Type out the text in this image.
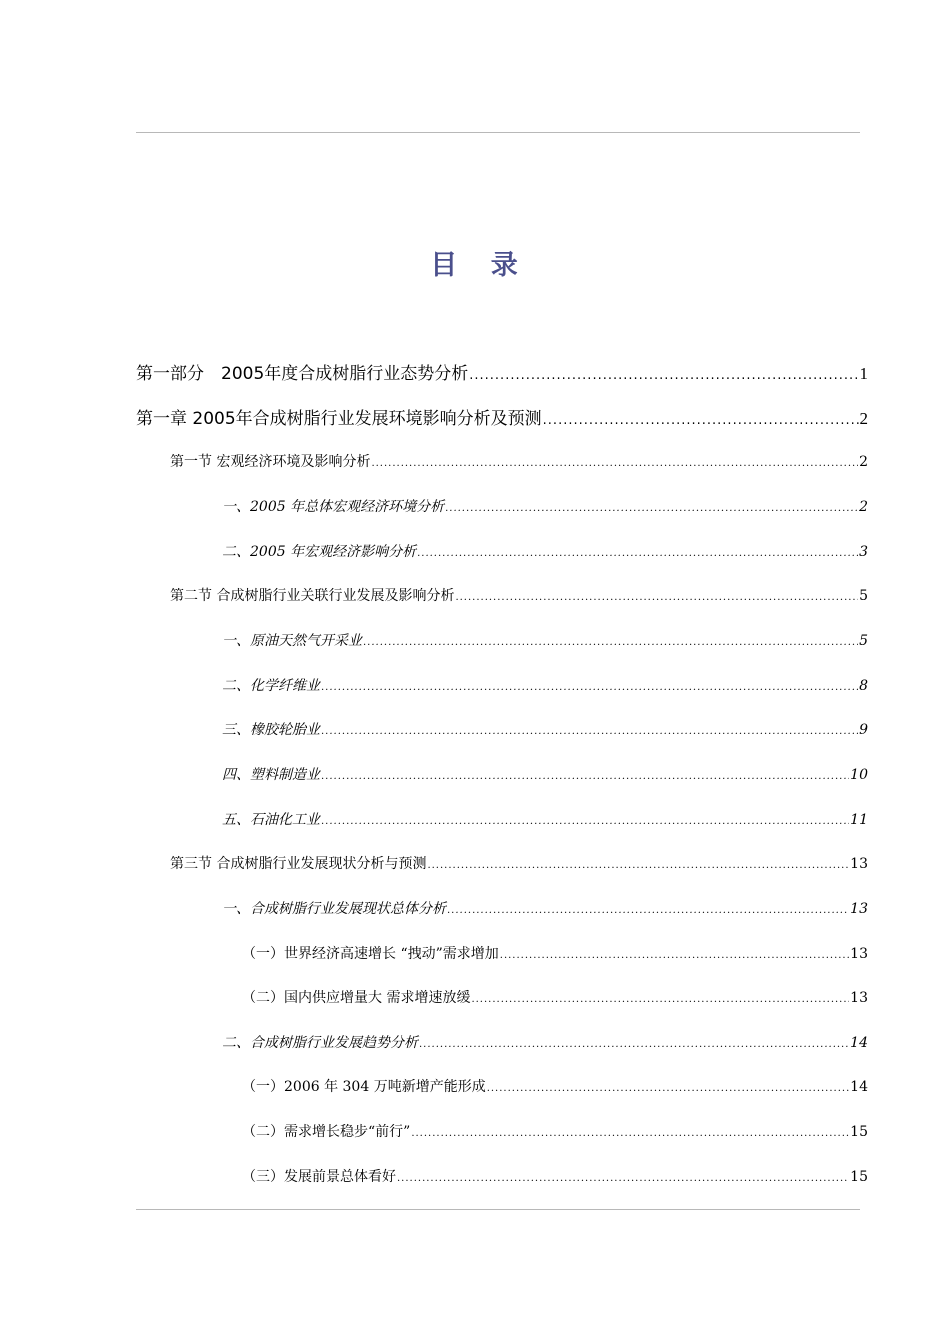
目 录
第一部分　2005年度合成树脂行业态势分析 .....	1
第一章 2005年合成树脂行业发展环境影响分析及预测 .....	2
第一节 宏观经济环境及影响分析 .....	2
一、2005 年总体宏观经济环境分析 .....	2
二、2005 年宏观经济影响分析 .....	3
第二节 合成树脂行业关联行业发展及影响分析 .....	5
一、原油天然气开采业 .....	5
二、化学纤维业 .....	8
三、橡胶轮胎业 .....	9
四、塑料制造业 .....	10
五、石油化工业 .....	11
第三节 合成树脂行业发展现状分析与预测 .....	13
一、合成树脂行业发展现状总体分析 .....	13
（一）世界经济高速增长 “拽动”需求增加 .....	13
（二）国内供应增量大 需求增速放缓 .....	13
二、合成树脂行业发展趋势分析 .....	14
（一）2006 年 304 万吨新增产能形成 .....	14
（二）需求增长稳步“前行” .....	15
（三）发展前景总体看好 .....	15
